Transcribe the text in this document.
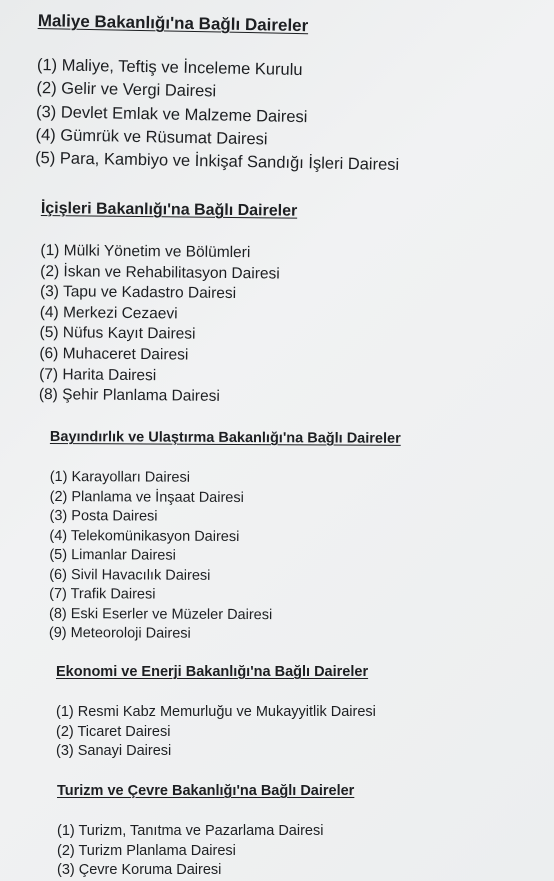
Maliye Bakanlığı'na Bağlı Daireler
(1) Maliye, Teftiş ve İnceleme Kurulu
(2) Gelir ve Vergi Dairesi
(3) Devlet Emlak ve Malzeme Dairesi
(4) Gümrük ve Rüsumat Dairesi
(5) Para, Kambiyo ve İnkişaf Sandığı İşleri Dairesi
İçişleri Bakanlığı'na Bağlı Daireler
(1) Mülki Yönetim ve Bölümleri
(2) İskan ve Rehabilitasyon Dairesi
(3) Tapu ve Kadastro Dairesi
(4) Merkezi Cezaevi
(5) Nüfus Kayıt Dairesi
(6) Muhaceret Dairesi
(7) Harita Dairesi
(8) Şehir Planlama Dairesi
Bayındırlık ve Ulaştırma Bakanlığı'na Bağlı Daireler
(1) Karayolları Dairesi
(2) Planlama ve İnşaat Dairesi
(3) Posta Dairesi
(4) Telekomünikasyon Dairesi
(5) Limanlar Dairesi
(6) Sivil Havacılık Dairesi
(7) Trafik Dairesi
(8) Eski Eserler ve Müzeler Dairesi
(9) Meteoroloji Dairesi
Ekonomi ve Enerji Bakanlığı'na Bağlı Daireler
(1) Resmi Kabz Memurluğu ve Mukayyitlik Dairesi
(2) Ticaret Dairesi
(3) Sanayi Dairesi
Turizm ve Çevre Bakanlığı'na Bağlı Daireler
(1) Turizm, Tanıtma ve Pazarlama Dairesi
(2) Turizm Planlama Dairesi
(3) Çevre Koruma Dairesi
